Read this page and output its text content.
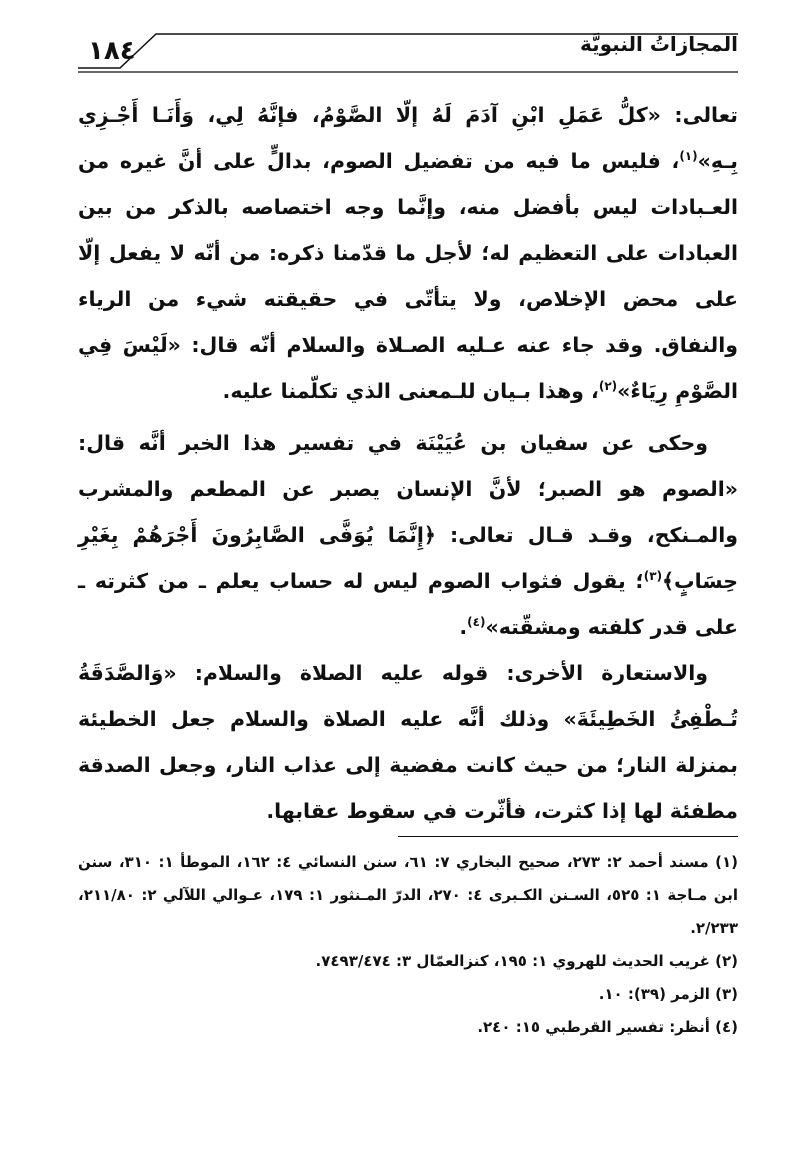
المجازاتُ النبويَّة
١٨٤

تعالى: «كلُّ عَمَلِ ابْنِ آدَمَ لَهُ إلّا الصَّوْمُ، فإنَّهُ لِي، وَأَنَـا أَجْـزِي بِـهِ»$^{(١)}$، فليس ما فيه من تفضيل الصوم، بدالٍّ على أنَّ غيره من العـبادات ليس بأفضل منه، وإنَّما وجه اختصاصه بالذكر من بين العبادات على التعظيم له؛ لأجل ما قدّمنا ذكره: من أنّه لا يفعل إلّا على محض الإخلاص، ولا يتأتّى في حقيقته شيء من الرياء والنفاق. وقد جاء عنه عـليه الصـلاة والسلام أنّه قال: «لَيْسَ فِي الصَّوْمِ رِيَاءٌ»$^{(٢)}$، وهذا بـيان للـمعنى الذي تكلّمنا عليه.

وحكى عن سفيان بن عُيَيْنَة في تفسير هذا الخبر أنَّه قال: «الصوم هو الصبر؛ لأنَّ الإنسان يصبر عن المطعم والمشرب والمـنكح، وقـد قـال تعالى: ﴿إِنَّمَا يُوَفَّى الصَّابِرُونَ أَجْرَهُمْ بِغَيْرِ حِسَابٍ﴾$^{(٣)}$؛ يقول فثواب الصوم ليس له حساب يعلم ـ من كثرته ـ على قدر كلفته ومشقّته»$^{(٤)}$.

والاستعارة الأخرى: قوله عليه الصلاة والسلام: «وَالصَّدَقَةُ تُـطْفِئُ الخَطِيئَةَ» وذلك أنَّه عليه الصلاة والسلام جعل الخطيئة بمنزلة النار؛ من حيث كانت مفضية إلى عذاب النار، وجعل الصدقة مطفئة لها إذا كثرت، فأثّرت في سقوط عقابها.

(١) مسند أحمد ٢: ٢٧٣، صحيح البخاري ٧: ٦١، سنن النسائي ٤: ١٦٢، الموطأ ١: ٣١٠، سنن ابن مـاجة ١: ٥٢٥، السـنن الكـبرى ٤: ٢٧٠، الدرّ المـنثور ١: ١٧٩، عـوالي اللآلي ٢: ٢١١/٨٠، ٢/٢٣٣.

(٢) غريب الحديث للهروي ١: ١٩٥، كنزالعمّال ٣: ٧٤٩٣/٤٧٤.

(٣) الزمر (٣٩): ١٠.

(٤) أنظر: تفسير القرطبي ١٥: ٢٤٠.
